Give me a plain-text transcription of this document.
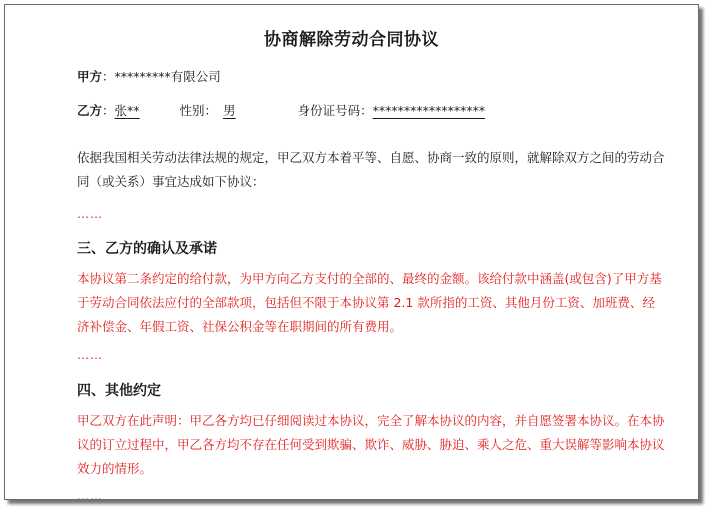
协商解除劳动合同协议
甲方：*********有限公司
乙方：张**	性别： 男	身份证号码：******************
依据我国相关劳动法律法规的规定，甲乙双方本着平等、自愿、协商一致的原则，就解除双方之间的劳动合同（或关系）事宜达成如下协议：
……
三、乙方的确认及承诺
本协议第二条约定的给付款，为甲方向乙方支付的全部的、最终的金额。该给付款中涵盖(或包含)了甲方基于劳动合同依法应付的全部款项，包括但不限于本协议第 2.1 款所指的工资、其他月份工资、加班费、经济补偿金、年假工资、社保公积金等在职期间的所有费用。
……
四、其他约定
甲乙双方在此声明：甲乙各方均已仔细阅读过本协议，完全了解本协议的内容，并自愿签署本协议。在本协议的订立过程中，甲乙各方均不存在任何受到欺骗、欺诈、威胁、胁迫、乘人之危、重大误解等影响本协议效力的情形。
……
